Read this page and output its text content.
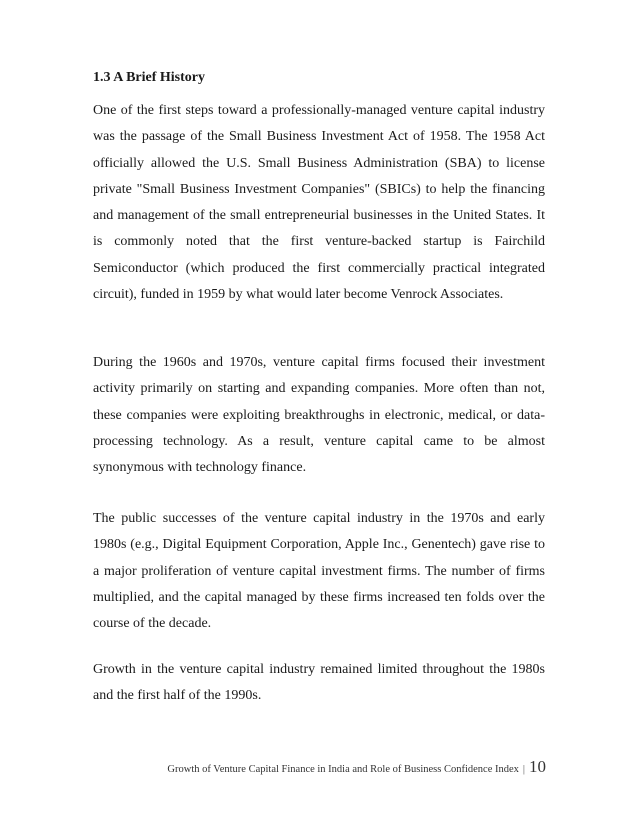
1.3 A Brief History

One of the first steps toward a professionally-managed venture capital industry was the passage of the Small Business Investment Act of 1958. The 1958 Act officially allowed the U.S. Small Business Administration (SBA) to license private "Small Business Investment Companies" (SBICs) to help the financing and management of the small entrepreneurial businesses in the United States. It is commonly noted that the first venture-backed startup is Fairchild Semiconductor (which produced the first commercially practical integrated circuit), funded in 1959 by what would later become Venrock Associates.

During the 1960s and 1970s, venture capital firms focused their investment activity primarily on starting and expanding companies. More often than not, these companies were exploiting breakthroughs in electronic, medical, or data-processing technology. As a result, venture capital came to be almost synonymous with technology finance.

The public successes of the venture capital industry in the 1970s and early 1980s (e.g., Digital Equipment Corporation, Apple Inc., Genentech) gave rise to a major proliferation of venture capital investment firms. The number of firms multiplied, and the capital managed by these firms increased ten folds over the course of the decade.

Growth in the venture capital industry remained limited throughout the 1980s and the first half of the 1990s.

Growth of Venture Capital Finance in India and Role of Business Confidence Index | 10
